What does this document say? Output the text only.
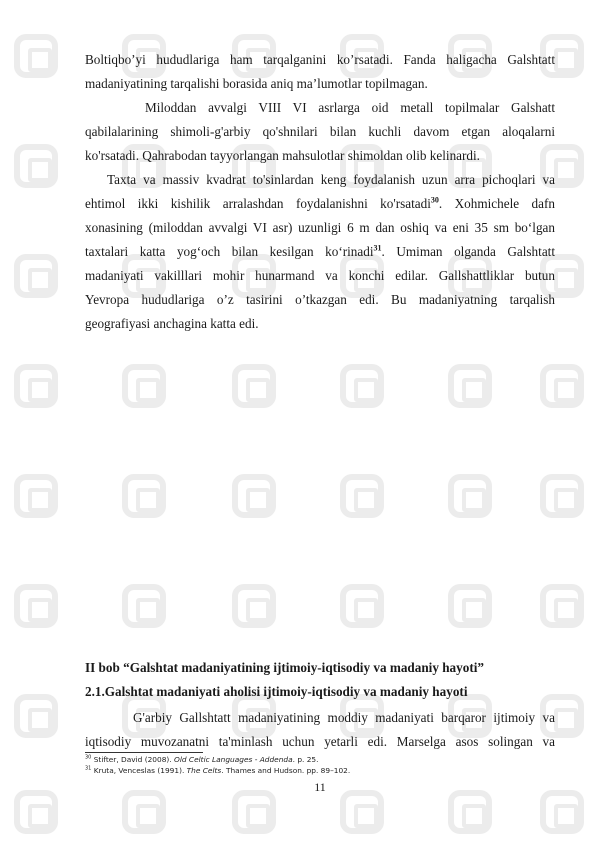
Boltiqbo’yi hududlariga ham tarqalganini ko’rsatadi. Fanda haligacha Galshtatt

madaniyatining tarqalishi borasida aniq ma’lumotlar topilmagan.

Miloddan avvalgi VIII VI asrlarga oid metall topilmalar Galshatt

qabilalarining shimoli-g'arbiy qo'shnilari bilan kuchli davom etgan aloqalarni

ko'rsatadi. Qahrabodan tayyorlangan mahsulotlar shimoldan olib kelinardi.

Taxta va massiv kvadrat to'sinlardan keng foydalanish uzun arra pichoqlari va

ehtimol ikki kishilik arralashdan foydalanishni ko'rsatadi$^{30}$. Xohmichele dafn

xonasining (miloddan avvalgi VI asr) uzunligi 6 m dan oshiq va eni 35 sm bo‘lgan

taxtalari katta yog‘och bilan kesilgan ko‘rinadi$^{31}$. Umiman olganda Galshtatt

madaniyati vakilllari mohir hunarmand va konchi edilar. Gallshattliklar butun

Yevropa hududlariga o’z tasirini o’tkazgan edi. Bu madaniyatning tarqalish

geografiyasi anchagina katta edi.

II bob “Galshtat madaniyatining ijtimoiy-iqtisodiy va madaniy hayoti”

2.1.Galshtat madaniyati aholisi ijtimoiy-iqtisodiy va madaniy hayoti

G'arbiy Gallshtatt madaniyatining moddiy madaniyati barqaror ijtimoiy va

iqtisodiy muvozanatni ta'minlash uchun yetarli edi. Marselga asos solingan va

$^{30}$ Stifter, David (2008). Old Celtic Languages - Addenda. p. 25.

$^{31}$ Kruta, Venceslas (1991). The Celts. Thames and Hudson. pp. 89–102.

11
